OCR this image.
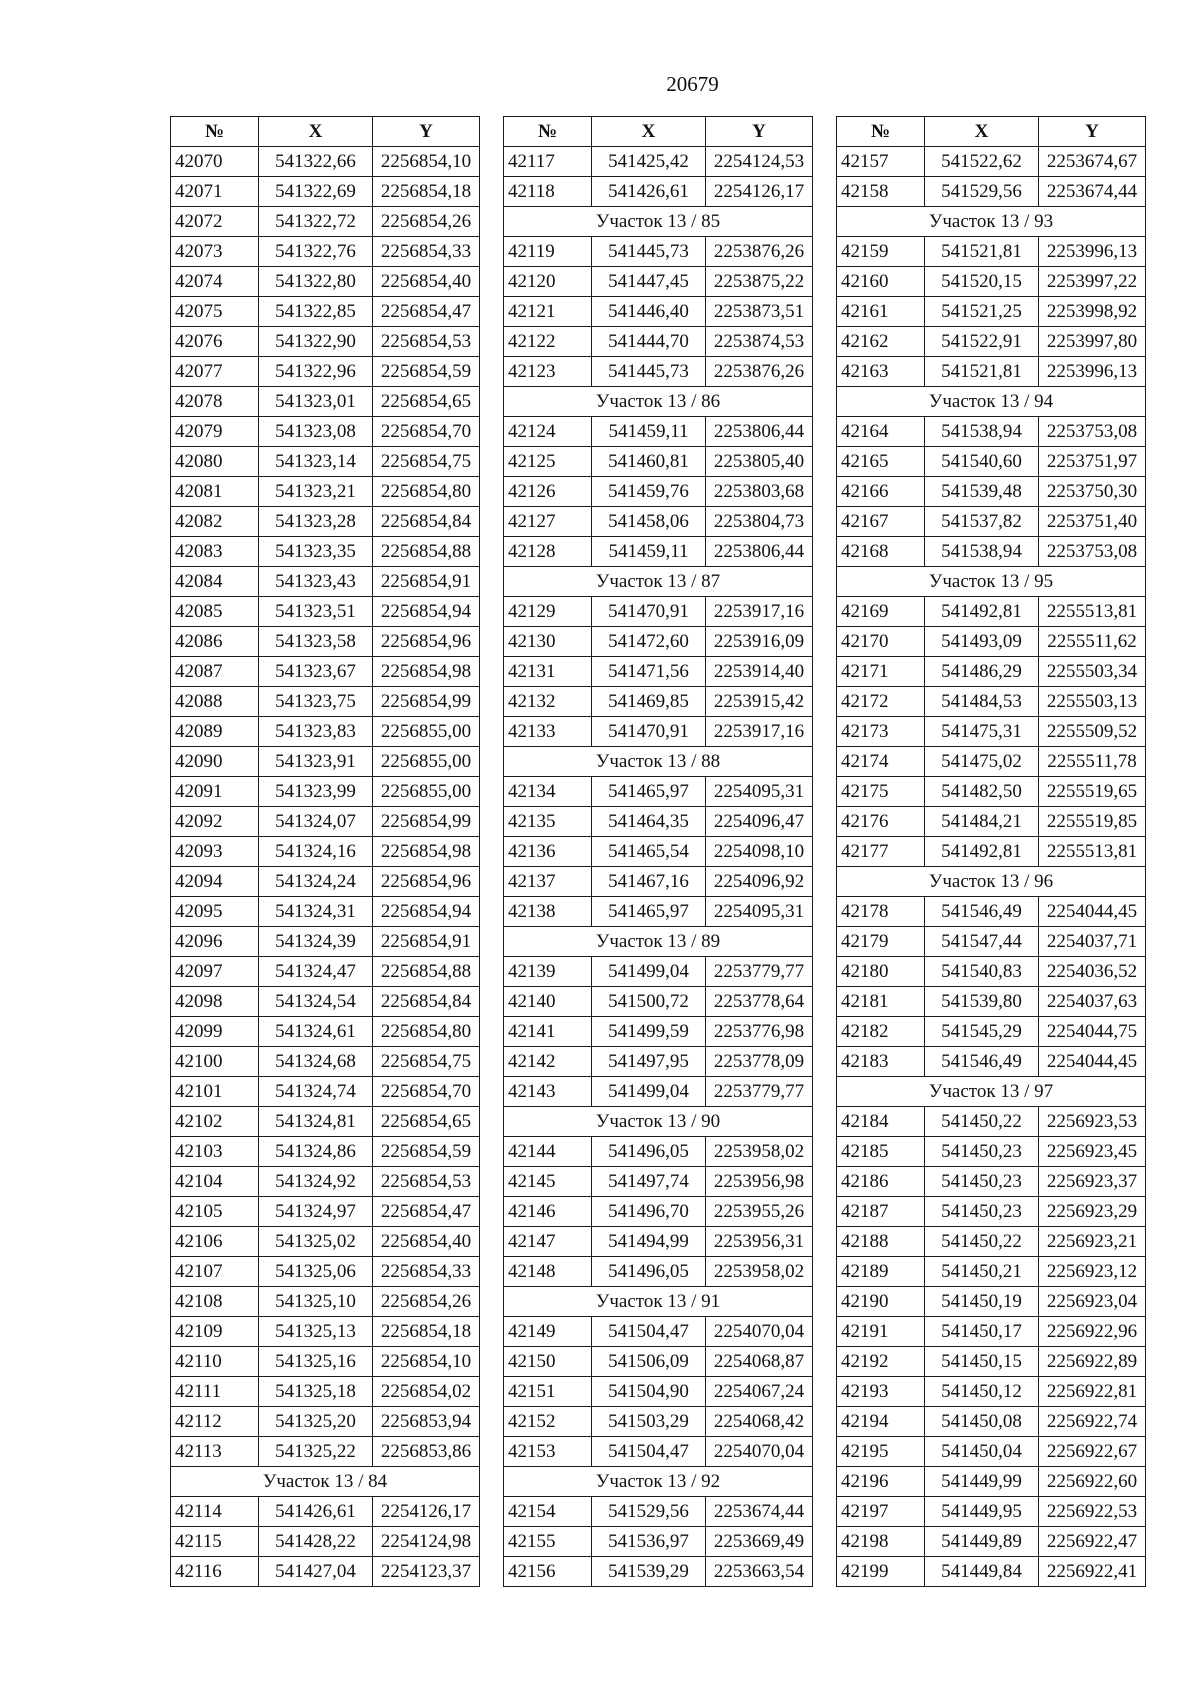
20679
№	X	Y
42070	541322,66	2256854,10
42071	541322,69	2256854,18
42072	541322,72	2256854,26
42073	541322,76	2256854,33
42074	541322,80	2256854,40
42075	541322,85	2256854,47
42076	541322,90	2256854,53
42077	541322,96	2256854,59
42078	541323,01	2256854,65
42079	541323,08	2256854,70
42080	541323,14	2256854,75
42081	541323,21	2256854,80
42082	541323,28	2256854,84
42083	541323,35	2256854,88
42084	541323,43	2256854,91
42085	541323,51	2256854,94
42086	541323,58	2256854,96
42087	541323,67	2256854,98
42088	541323,75	2256854,99
42089	541323,83	2256855,00
42090	541323,91	2256855,00
42091	541323,99	2256855,00
42092	541324,07	2256854,99
42093	541324,16	2256854,98
42094	541324,24	2256854,96
42095	541324,31	2256854,94
42096	541324,39	2256854,91
42097	541324,47	2256854,88
42098	541324,54	2256854,84
42099	541324,61	2256854,80
42100	541324,68	2256854,75
42101	541324,74	2256854,70
42102	541324,81	2256854,65
42103	541324,86	2256854,59
42104	541324,92	2256854,53
42105	541324,97	2256854,47
42106	541325,02	2256854,40
42107	541325,06	2256854,33
42108	541325,10	2256854,26
42109	541325,13	2256854,18
42110	541325,16	2256854,10
42111	541325,18	2256854,02
42112	541325,20	2256853,94
42113	541325,22	2256853,86
Участок 13 / 84		
42114	541426,61	2254126,17
42115	541428,22	2254124,98
42116	541427,04	2254123,37
№	X	Y
42117	541425,42	2254124,53
42118	541426,61	2254126,17
Участок 13 / 85		
42119	541445,73	2253876,26
42120	541447,45	2253875,22
42121	541446,40	2253873,51
42122	541444,70	2253874,53
42123	541445,73	2253876,26
Участок 13 / 86		
42124	541459,11	2253806,44
42125	541460,81	2253805,40
42126	541459,76	2253803,68
42127	541458,06	2253804,73
42128	541459,11	2253806,44
Участок 13 / 87		
42129	541470,91	2253917,16
42130	541472,60	2253916,09
42131	541471,56	2253914,40
42132	541469,85	2253915,42
42133	541470,91	2253917,16
Участок 13 / 88		
42134	541465,97	2254095,31
42135	541464,35	2254096,47
42136	541465,54	2254098,10
42137	541467,16	2254096,92
42138	541465,97	2254095,31
Участок 13 / 89		
42139	541499,04	2253779,77
42140	541500,72	2253778,64
42141	541499,59	2253776,98
42142	541497,95	2253778,09
42143	541499,04	2253779,77
Участок 13 / 90		
42144	541496,05	2253958,02
42145	541497,74	2253956,98
42146	541496,70	2253955,26
42147	541494,99	2253956,31
42148	541496,05	2253958,02
Участок 13 / 91		
42149	541504,47	2254070,04
42150	541506,09	2254068,87
42151	541504,90	2254067,24
42152	541503,29	2254068,42
42153	541504,47	2254070,04
Участок 13 / 92		
42154	541529,56	2253674,44
42155	541536,97	2253669,49
42156	541539,29	2253663,54
№	X	Y
42157	541522,62	2253674,67
42158	541529,56	2253674,44
Участок 13 / 93		
42159	541521,81	2253996,13
42160	541520,15	2253997,22
42161	541521,25	2253998,92
42162	541522,91	2253997,80
42163	541521,81	2253996,13
Участок 13 / 94		
42164	541538,94	2253753,08
42165	541540,60	2253751,97
42166	541539,48	2253750,30
42167	541537,82	2253751,40
42168	541538,94	2253753,08
Участок 13 / 95		
42169	541492,81	2255513,81
42170	541493,09	2255511,62
42171	541486,29	2255503,34
42172	541484,53	2255503,13
42173	541475,31	2255509,52
42174	541475,02	2255511,78
42175	541482,50	2255519,65
42176	541484,21	2255519,85
42177	541492,81	2255513,81
Участок 13 / 96		
42178	541546,49	2254044,45
42179	541547,44	2254037,71
42180	541540,83	2254036,52
42181	541539,80	2254037,63
42182	541545,29	2254044,75
42183	541546,49	2254044,45
Участок 13 / 97		
42184	541450,22	2256923,53
42185	541450,23	2256923,45
42186	541450,23	2256923,37
42187	541450,23	2256923,29
42188	541450,22	2256923,21
42189	541450,21	2256923,12
42190	541450,19	2256923,04
42191	541450,17	2256922,96
42192	541450,15	2256922,89
42193	541450,12	2256922,81
42194	541450,08	2256922,74
42195	541450,04	2256922,67
42196	541449,99	2256922,60
42197	541449,95	2256922,53
42198	541449,89	2256922,47
42199	541449,84	2256922,41
